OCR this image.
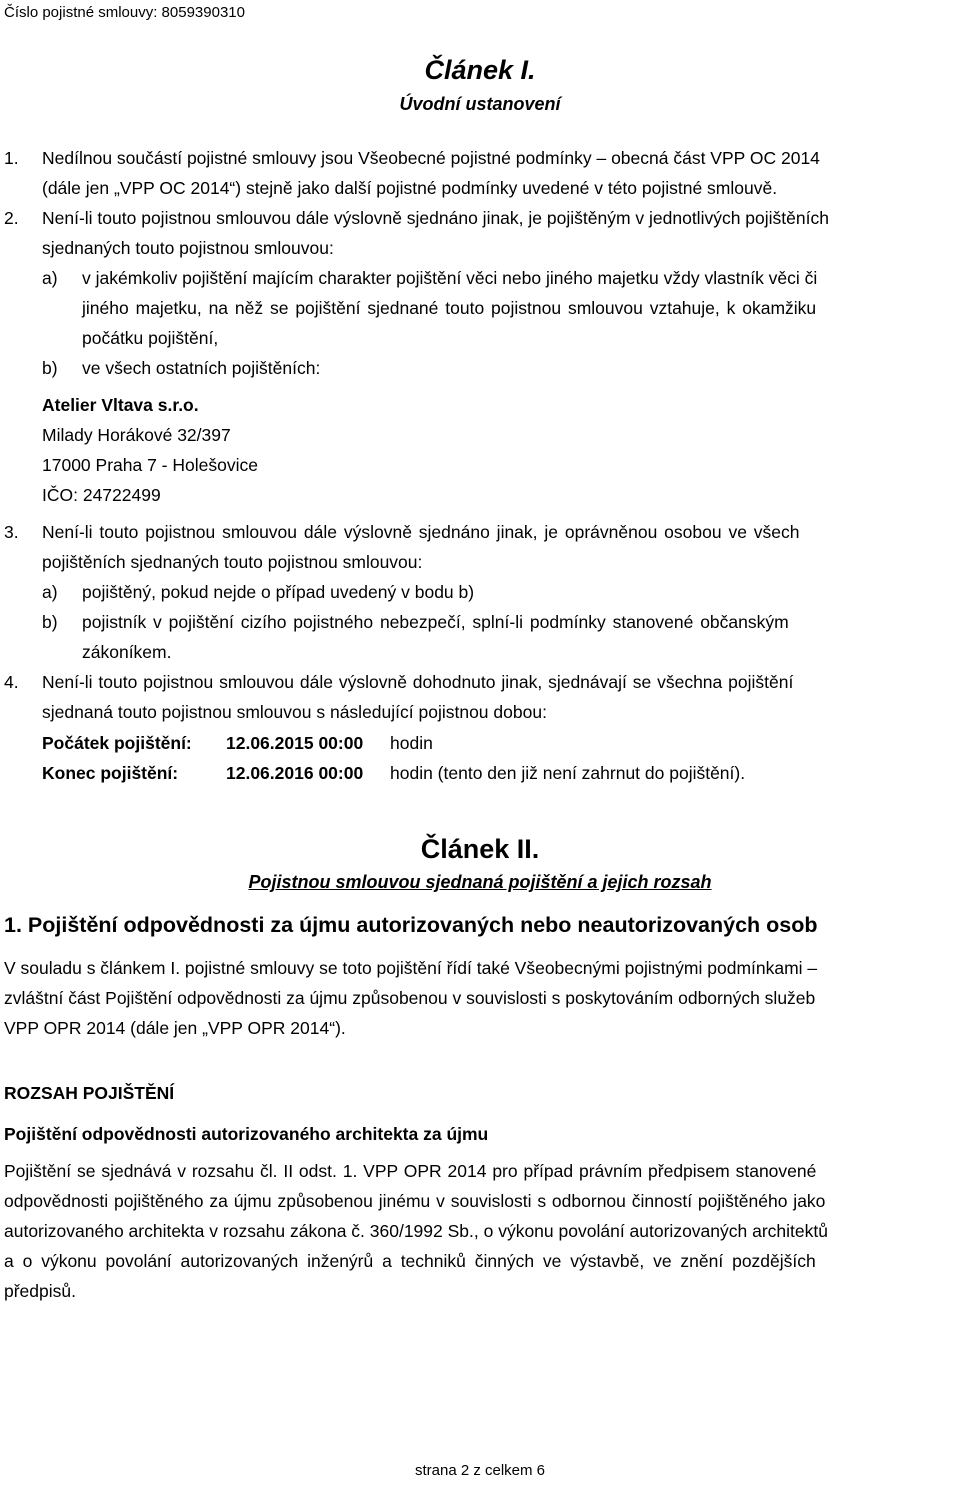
Číslo pojistné smlouvy: 8059390310
Článek I.
Úvodní ustanovení
1. Nedílnou součástí pojistné smlouvy jsou Všeobecné pojistné podmínky – obecná část VPP OC 2014
(dále jen „VPP OC 2014“) stejně jako další pojistné podmínky uvedené v této pojistné smlouvě.
2. Není-li touto pojistnou smlouvou dále výslovně sjednáno jinak, je pojištěným v jednotlivých pojištěních
sjednaných touto pojistnou smlouvou:
a) v jakémkoliv pojištění majícím charakter pojištění věci nebo jiného majetku vždy vlastník věci či
jiného majetku, na něž se pojištění sjednané touto pojistnou smlouvou vztahuje, k okamžiku
počátku pojištění,
b) ve všech ostatních pojištěních:
Atelier Vltava s.r.o.
Milady Horákové 32/397
17000 Praha 7 - Holešovice
IČO: 24722499
3. Není-li touto pojistnou smlouvou dále výslovně sjednáno jinak, je oprávněnou osobou ve všech
pojištěních sjednaných touto pojistnou smlouvou:
a) pojištěný, pokud nejde o případ uvedený v bodu b)
b) pojistník v pojištění cizího pojistného nebezpečí, splní-li podmínky stanovené občanským
zákoníkem.
4. Není-li touto pojistnou smlouvou dále výslovně dohodnuto jinak, sjednávají se všechna pojištění
sjednaná touto pojistnou smlouvou s následující pojistnou dobou:
Počátek pojištění: 12.06.2015 00:00 hodin
Konec pojištění:	12.06.2016 00:00 hodin (tento den již není zahrnut do pojištění).
Článek II.
Pojistnou smlouvou sjednaná pojištění a jejich rozsah
1. Pojištění odpovědnosti za újmu autorizovaných nebo neautorizovaných osob
V souladu s článkem I. pojistné smlouvy se toto pojištění řídí také Všeobecnými pojistnými podmínkami –
zvláštní část Pojištění odpovědnosti za újmu způsobenou v souvislosti s poskytováním odborných služeb
VPP OPR 2014 (dále jen „VPP OPR 2014“).
ROZSAH POJIŠTĚNÍ
Pojištění odpovědnosti autorizovaného architekta za újmu
Pojištění se sjednává v rozsahu čl. II odst. 1. VPP OPR 2014 pro případ právním předpisem stanovené
odpovědnosti pojištěného za újmu způsobenou jinému v souvislosti s odbornou činností pojištěného jako
autorizovaného architekta v rozsahu zákona č. 360/1992 Sb., o výkonu povolání autorizovaných architektů
a o výkonu povolání autorizovaných inženýrů a techniků činných ve výstavbě, ve znění pozdějších
předpisů.
strana 2 z celkem 6
